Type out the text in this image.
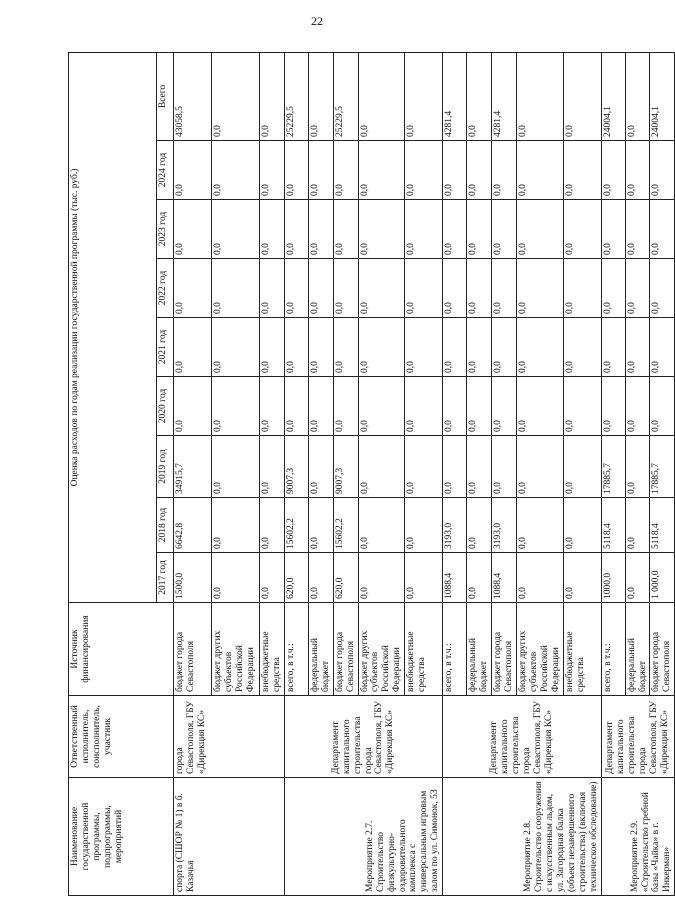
22
Наименование государственной программы, подпрограммы, мероприятий	Ответственный исполнитель, соисполнитель, участник	Источник финансирования	Оценка расходов по годам реализации государственной программы (тыс. руб.)								
			2017 год	2018 год	2019 год	2020 год	2021 год	2022 год	2023 год	2024 год	Всего
спорта (СШОР № 1) в б. Казачья	города Севастополя, ГБУ «Дирекция КС»	бюджет города Севастополя	1500,0	6642,8	34915,7	0,0	0,0	0,0	0,0	0,0	43058,5
		бюджет других субъектов Российской Федерации	0,0	0,0	0,0	0,0	0,0	0,0	0,0	0,0	0,0
		внебюджетные средства	0,0	0,0	0,0	0,0	0,0	0,0	0,0	0,0	0,0
Мероприятие 2.7. Строительство физкультурно-оздоровительного комплекса с универсальным игровым залом по ул. Симонок, 53	Департамент капитального строительства города Севастополя, ГБУ «Дирекция КС»	всего, в т.ч.:	620,0	15602,2	9007,3	0,0	0,0	0,0	0,0	0,0	25229,5
		федеральный бюджет	0,0	0,0	0,0	0,0	0,0	0,0	0,0	0,0	0,0
		бюджет города Севастополя	620,0	15602,2	9007,3	0,0	0,0	0,0	0,0	0,0	25229,5
		бюджет других субъектов Российской Федерации	0,0	0,0	0,0	0,0	0,0	0,0	0,0	0,0	0,0
		внебюджетные средства	0,0	0,0	0,0	0,0	0,0	0,0	0,0	0,0	0,0
Мероприятие 2.8. Строительство сооружения с искусственным льдом, ул. Загородная балка (объект незавершенного строительства) (включая техническое обследование)	Департамент капитального строительства города Севастополя, ГБУ «Дирекция КС»	всего, в т.ч.:	1088,4	3193,0	0,0	0,0	0,0	0,0	0,0	0,0	4281,4
		федеральный бюджет	0,0	0,0	0,0	0,0	0,0	0,0	0,0	0,0	0,0
		бюджет города Севастополя	1088,4	3193,0	0,0	0,0	0,0	0,0	0,0	0,0	4281,4
		бюджет других субъектов Российской Федерации	0,0	0,0	0,0	0,0	0,0	0,0	0,0	0,0	0,0
		внебюджетные средства	0,0	0,0	0,0	0,0	0,0	0,0	0,0	0,0	0,0
Мероприятие 2.9. «Строительство гребной базы «Чайка» в г. Инкерман»	Департамент капитального строительства города Севастополя, ГБУ «Дирекция КС»	всего, в т.ч.:	1000,0	5118,4	17885,7	0,0	0,0	0,0	0,0	0,0	24004,1
		федеральный бюджет	0,0	0,0	0,0	0,0	0,0	0,0	0,0	0,0	0,0
		бюджет города Севастополя	1 000,0	5118,4	17885,7	0,0	0,0	0,0	0,0	0,0	24004,1
